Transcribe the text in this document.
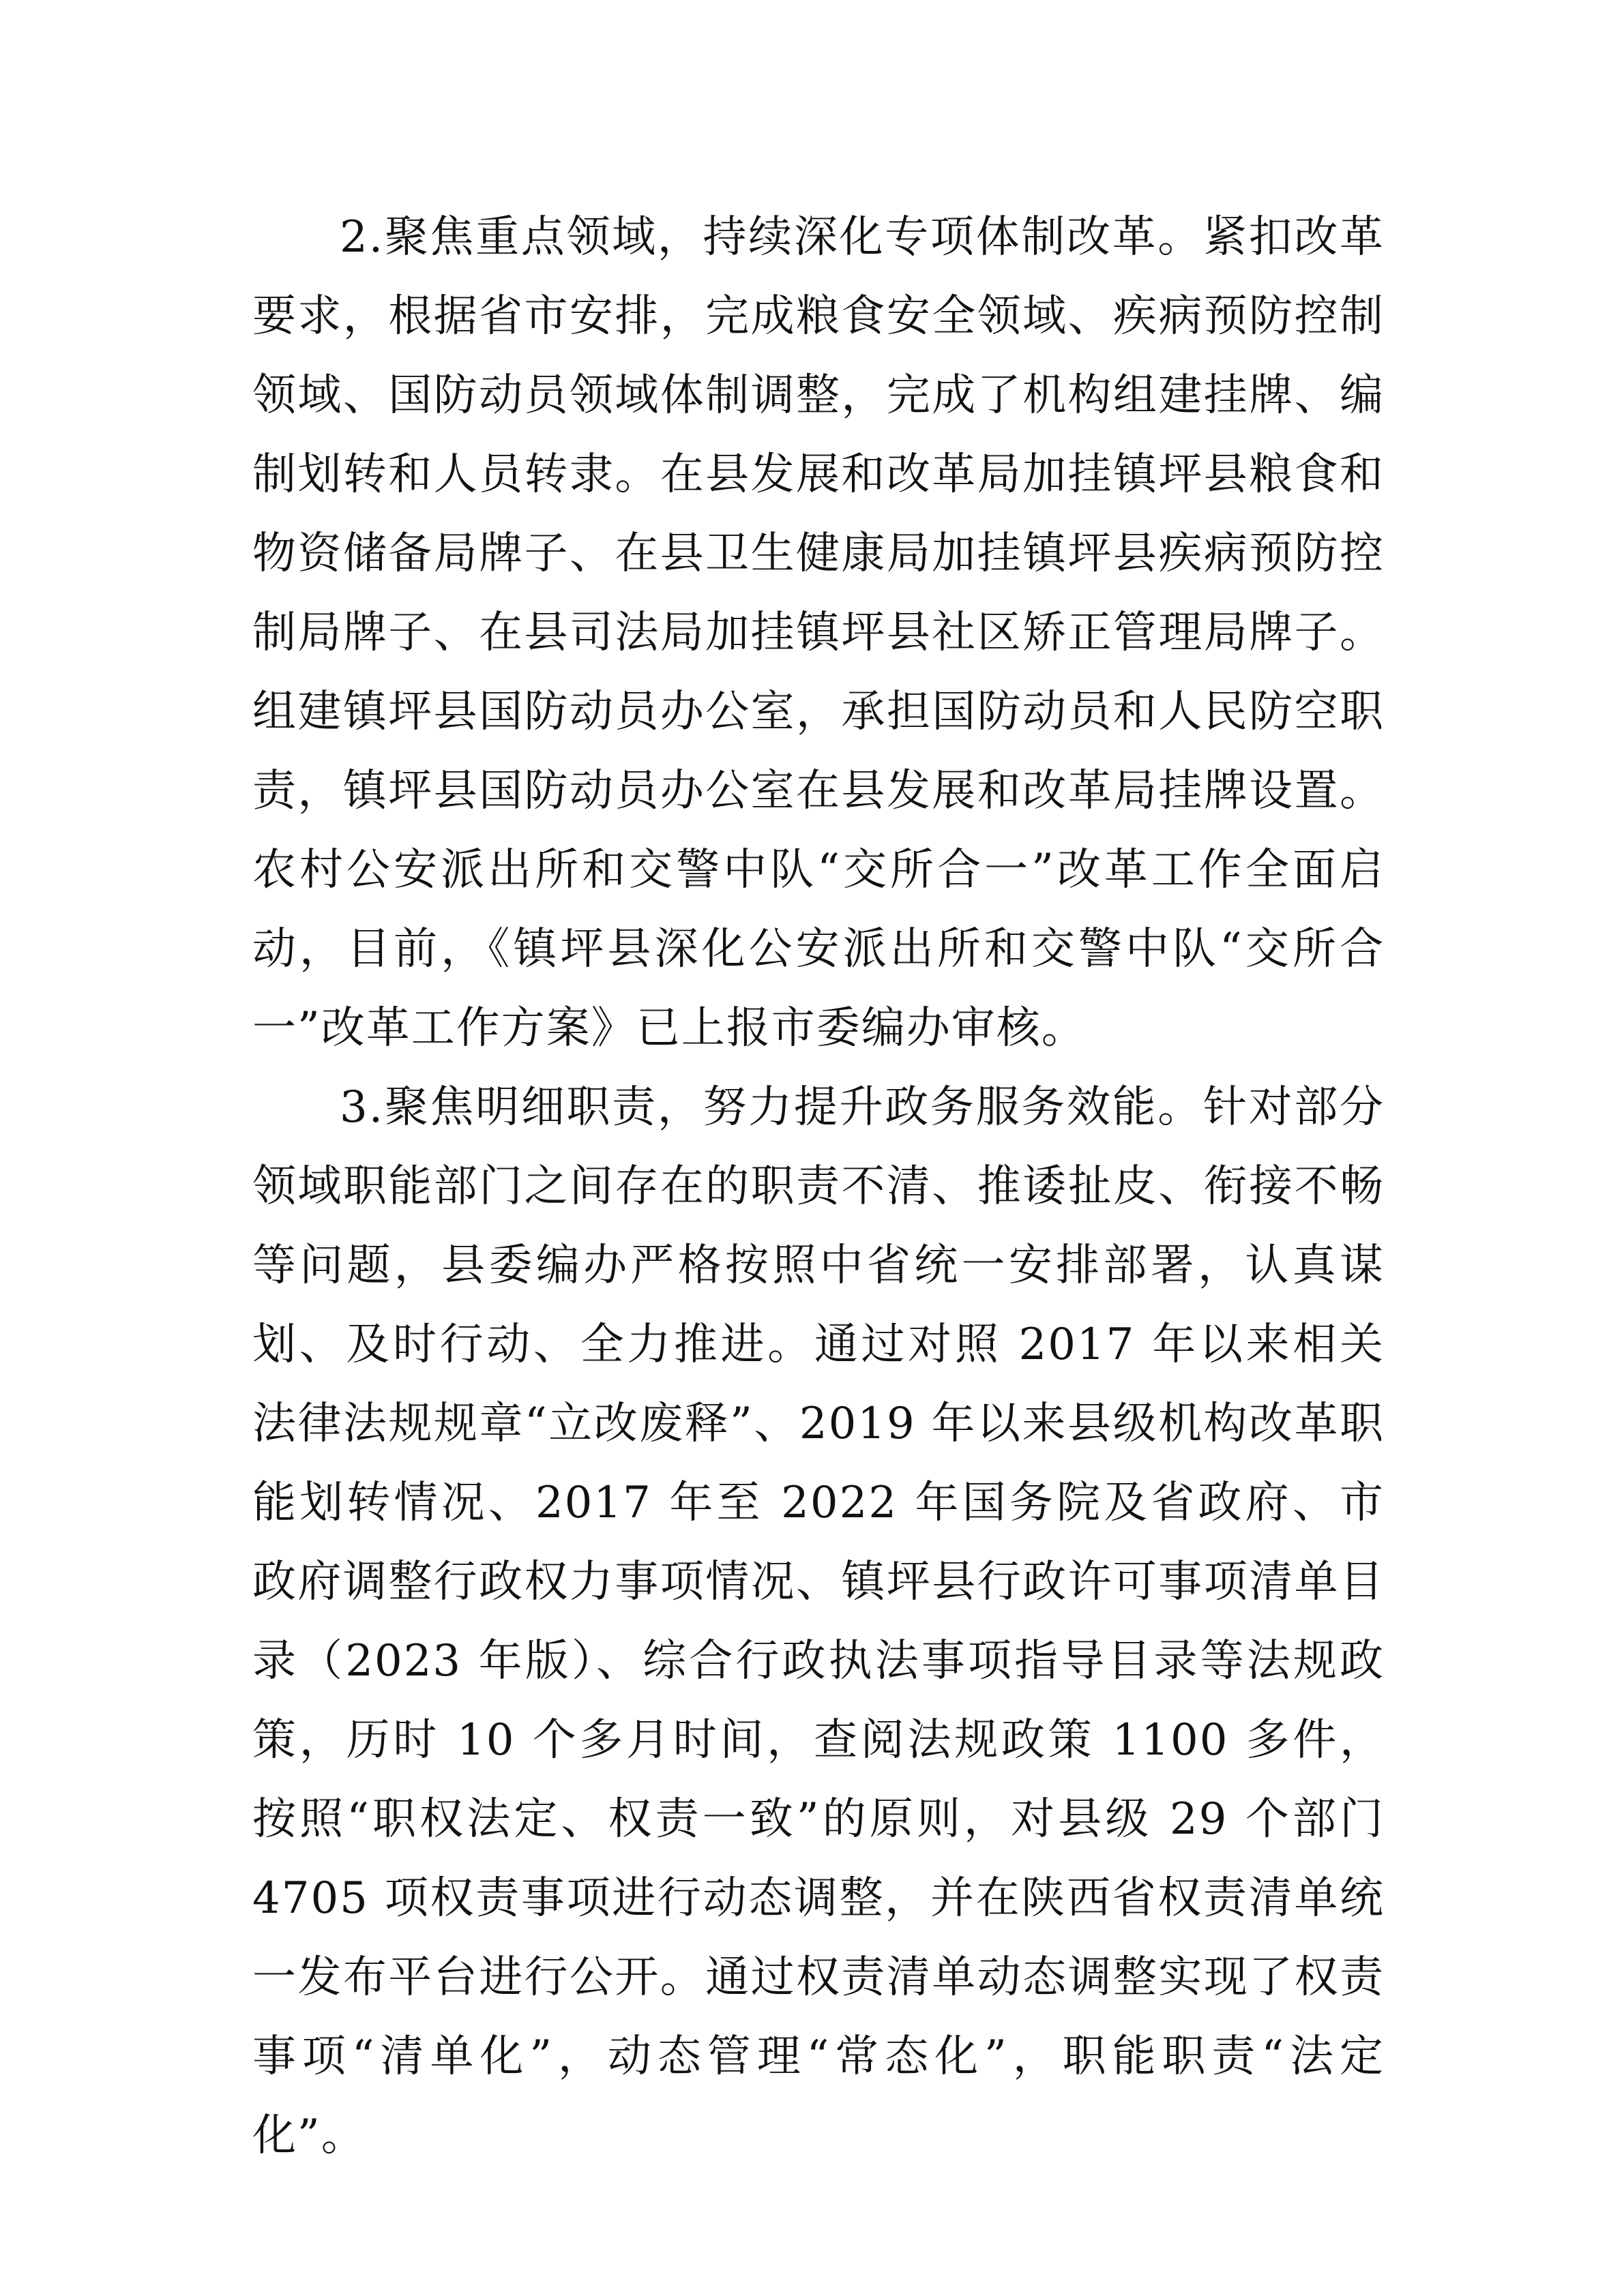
2.聚焦重点领域，持续深化专项体制改革。紧扣改革要求，根据省市安排，完成粮食安全领域、疾病预防控制领域、国防动员领域体制调整，完成了机构组建挂牌、编制划转和人员转隶。在县发展和改革局加挂镇坪县粮食和物资储备局牌子、在县卫生健康局加挂镇坪县疾病预防控制局牌子、在县司法局加挂镇坪县社区矫正管理局牌子。组建镇坪县国防动员办公室，承担国防动员和人民防空职责，镇坪县国防动员办公室在县发展和改革局挂牌设置。农村公安派出所和交警中队“交所合一”改革工作全面启动，目前，《镇坪县深化公安派出所和交警中队“交所合一”改革工作方案》已上报市委编办审核。

3.聚焦明细职责，努力提升政务服务效能。针对部分领域职能部门之间存在的职责不清、推诿扯皮、衔接不畅等问题，县委编办严格按照中省统一安排部署，认真谋划、及时行动、全力推进。通过对照 2017 年以来相关法律法规规章“立改废释”、2019 年以来县级机构改革职能划转情况、2017 年至 2022 年国务院及省政府、市政府调整行政权力事项情况、镇坪县行政许可事项清单目录（2023 年版）、综合行政执法事项指导目录等法规政策，历时 10 个多月时间，查阅法规政策 1100 多件，按照“职权法定、权责一致”的原则，对县级 29 个部门 4705 项权责事项进行动态调整，并在陕西省权责清单统一发布平台进行公开。通过权责清单动态调整实现了权责事项“清单化”，动态管理“常态化”，职能职责“法定化”。
